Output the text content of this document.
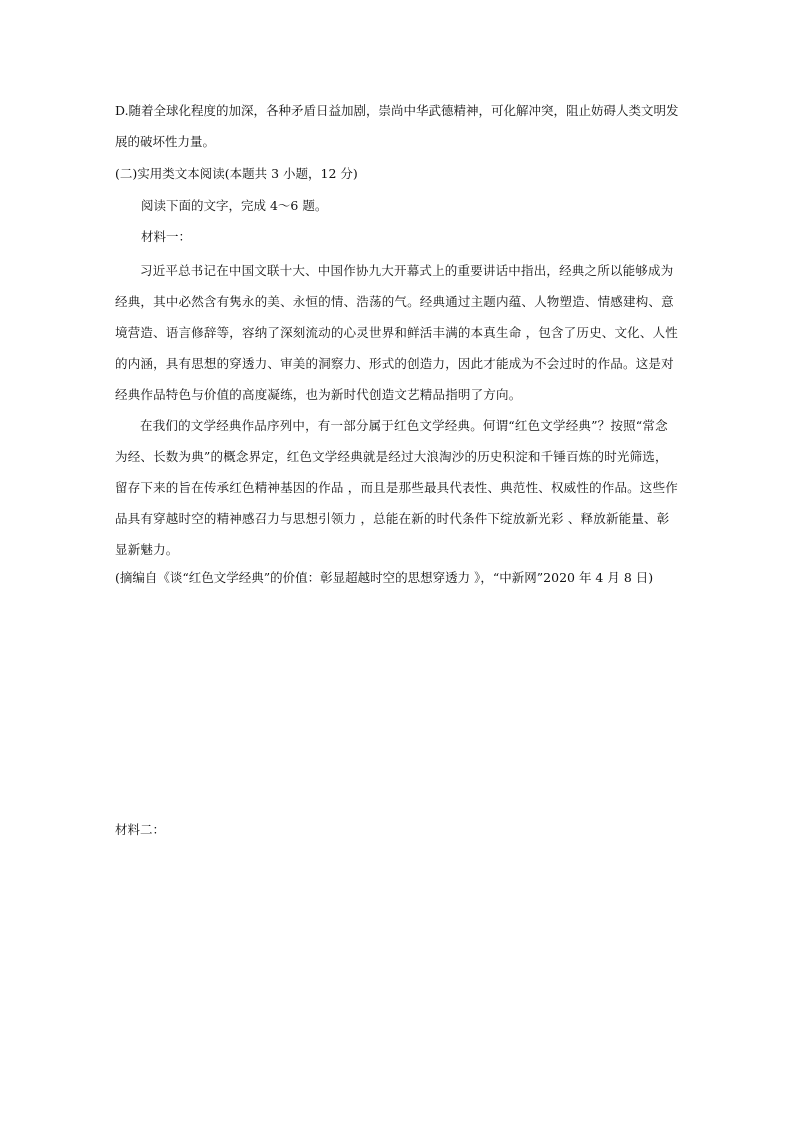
D.随着全球化程度的加深，各种矛盾日益加剧，崇尚中华武德精神，可化解冲突，阻止妨碍人类文明发展的破坏性力量。

(二)实用类文本阅读(本题共 3 小题，12 分)
阅读下面的文字，完成 4～6 题。
材料一：

习近平总书记在中国文联十大、中国作协九大开幕式上的重要讲话中指出，经典之所以能够成为经典，其中必然含有隽永的美、永恒的情、浩荡的气。经典通过主题内蕴、人物塑造、情感建构、意境营造、语言修辞等，容纳了深刻流动的心灵世界和鲜活丰满的本真生命 ，包含了历史、文化、人性的内涵，具有思想的穿透力、审美的洞察力、形式的创造力，因此才能成为不会过时的作品。这是对经典作品特色与价值的高度凝练，也为新时代创造文艺精品指明了方向。

在我们的文学经典作品序列中，有一部分属于红色文学经典。何谓“红色文学经典”？按照“常念为经、长数为典”的概念界定，红色文学经典就是经过大浪淘沙的历史积淀和千锤百炼的时光筛选，留存下来的旨在传承红色精神基因的作品 ，而且是那些最具代表性、典范性、权威性的作品。这些作品具有穿越时空的精神感召力与思想引领力 ，总能在新的时代条件下绽放新光彩 、释放新能量、彰显新魅力。

(摘编自《谈“红色文学经典”的价值：彰显超越时空的思想穿透力 》，“中新网”2020 年 4 月 8 日)
材料二：
